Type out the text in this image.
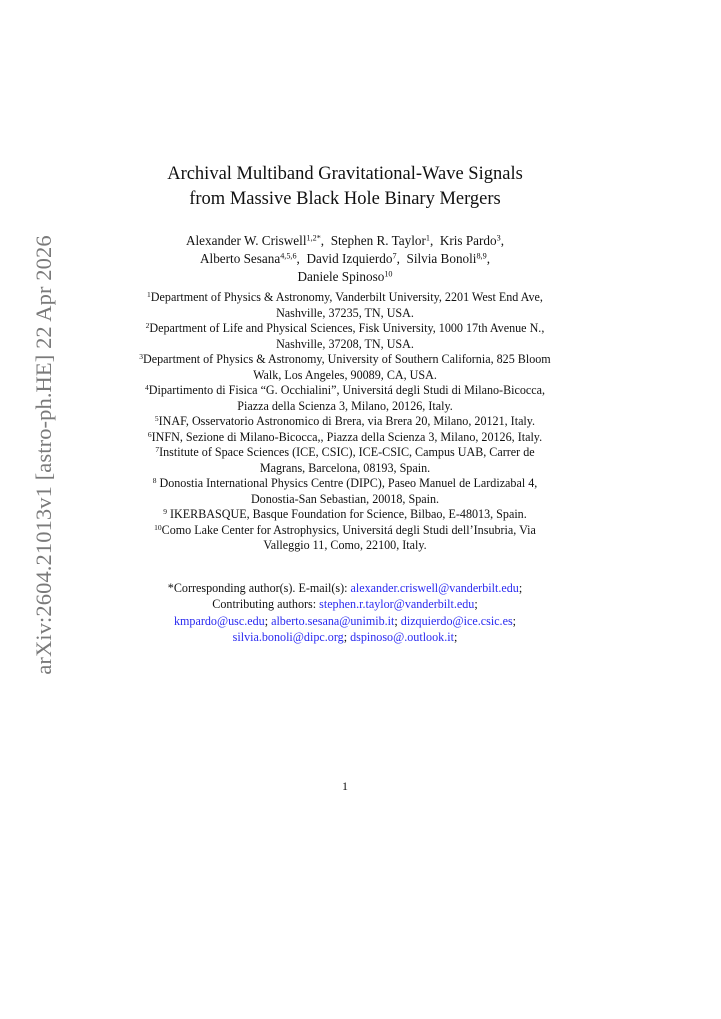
arXiv:2604.21013v1 [astro-ph.HE] 22 Apr 2026
Archival Multiband Gravitational-Wave Signals
from Massive Black Hole Binary Mergers
Alexander W. Criswell$^{1,2*}$, Stephen R. Taylor$^1$, Kris Pardo$^3$,
Alberto Sesana$^{4,5,6}$, David Izquierdo$^7$, Silvia Bonoli$^{8,9}$,
Daniele Spinoso$^{10}$
$^1$Department of Physics & Astronomy, Vanderbilt University, 2201 West End Ave, Nashville, 37235, TN, USA.
$^2$Department of Life and Physical Sciences, Fisk University, 1000 17th Avenue N., Nashville, 37208, TN, USA.
$^3$Department of Physics & Astronomy, University of Southern California, 825 Bloom Walk, Los Angeles, 90089, CA, USA.
$^4$Dipartimento di Fisica “G. Occhialini”, Universitá degli Studi di Milano-Bicocca, Piazza della Scienza 3, Milano, 20126, Italy.
$^5$INAF, Osservatorio Astronomico di Brera, via Brera 20, Milano, 20121, Italy.
$^6$INFN, Sezione di Milano-Bicocca,, Piazza della Scienza 3, Milano, 20126, Italy.
$^7$Institute of Space Sciences (ICE, CSIC), ICE-CSIC, Campus UAB, Carrer de Magrans, Barcelona, 08193, Spain.
$^8$ Donostia International Physics Centre (DIPC), Paseo Manuel de Lardizabal 4, Donostia-San Sebastian, 20018, Spain.
$^9$ IKERBASQUE, Basque Foundation for Science, Bilbao, E-48013, Spain.
$^{10}$Como Lake Center for Astrophysics, Universitá degli Studi dell’Insubria, Via Valleggio 11, Como, 22100, Italy.
*Corresponding author(s). E-mail(s): alexander.criswell@vanderbilt.edu;
Contributing authors: stephen.r.taylor@vanderbilt.edu;
kmpardo@usc.edu; alberto.sesana@unimib.it; dizquierdo@ice.csic.es;
silvia.bonoli@dipc.org; dspinoso@.outlook.it;
1
